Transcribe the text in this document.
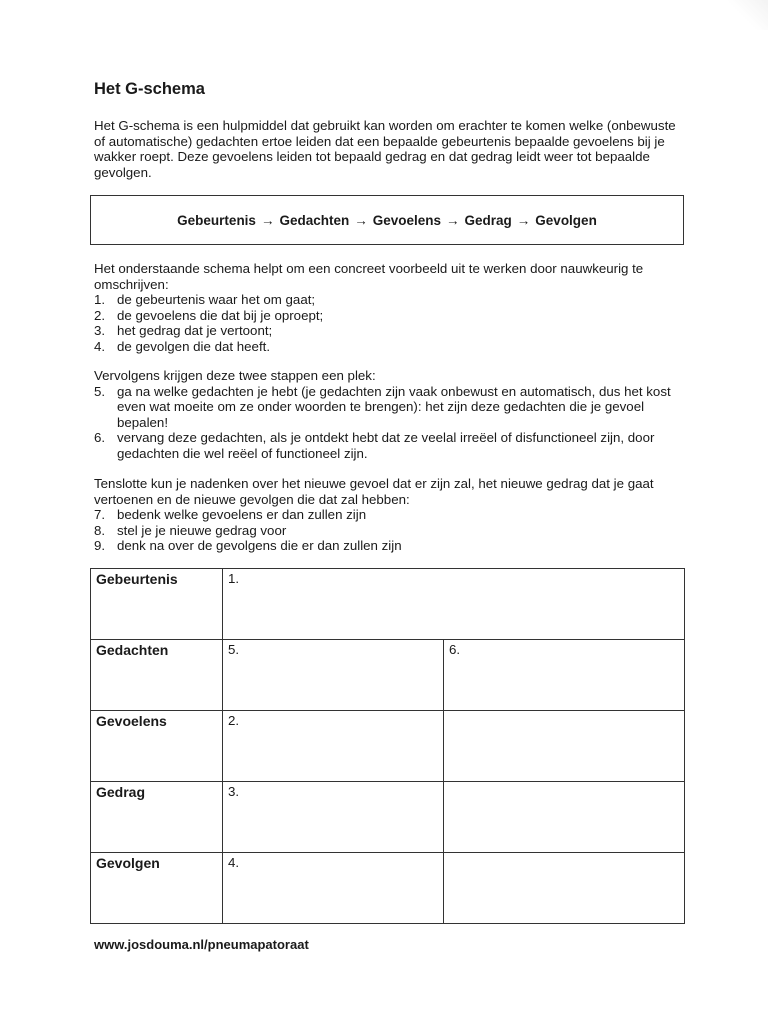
Het G-schema

Het G-schema is een hulpmiddel dat gebruikt kan worden om erachter te komen welke (onbewuste of automatische) gedachten ertoe leiden dat een bepaalde gebeurtenis bepaalde gevoelens bij je wakker roept. Deze gevoelens leiden tot bepaald gedrag en dat gedrag leidt weer tot bepaalde gevolgen.

Gebeurtenis → Gedachten → Gevoelens → Gedrag → Gevolgen
Het onderstaande schema helpt om een concreet voorbeeld uit te werken door nauwkeurig te omschrijven:
1. de gebeurtenis waar het om gaat;
2. de gevoelens die dat bij je oproept;
3. het gedrag dat je vertoont;
4. de gevolgen die dat heeft.
Vervolgens krijgen deze twee stappen een plek:
5. ga na welke gedachten je hebt (je gedachten zijn vaak onbewust en automatisch, dus het kost even wat moeite om ze onder woorden te brengen): het zijn deze gedachten die je gevoel bepalen!
6. vervang deze gedachten, als je ontdekt hebt dat ze veelal irreëel of disfunctioneel zijn, door gedachten die wel reëel of functioneel zijn.
Tenslotte kun je nadenken over het nieuwe gevoel dat er zijn zal, het nieuwe gedrag dat je gaat vertoenen en de nieuwe gevolgen die dat zal hebben:
7. bedenk welke gevoelens er dan zullen zijn
8. stel je je nieuwe gedrag voor
9. denk na over de gevolgens die er dan zullen zijn
Gebeurtenis	1.	
Gedachten	5.	6.
Gevoelens	2.	
Gedrag	3.	
Gevolgen	4.	

www.josdouma.nl/pneumapatoraat
